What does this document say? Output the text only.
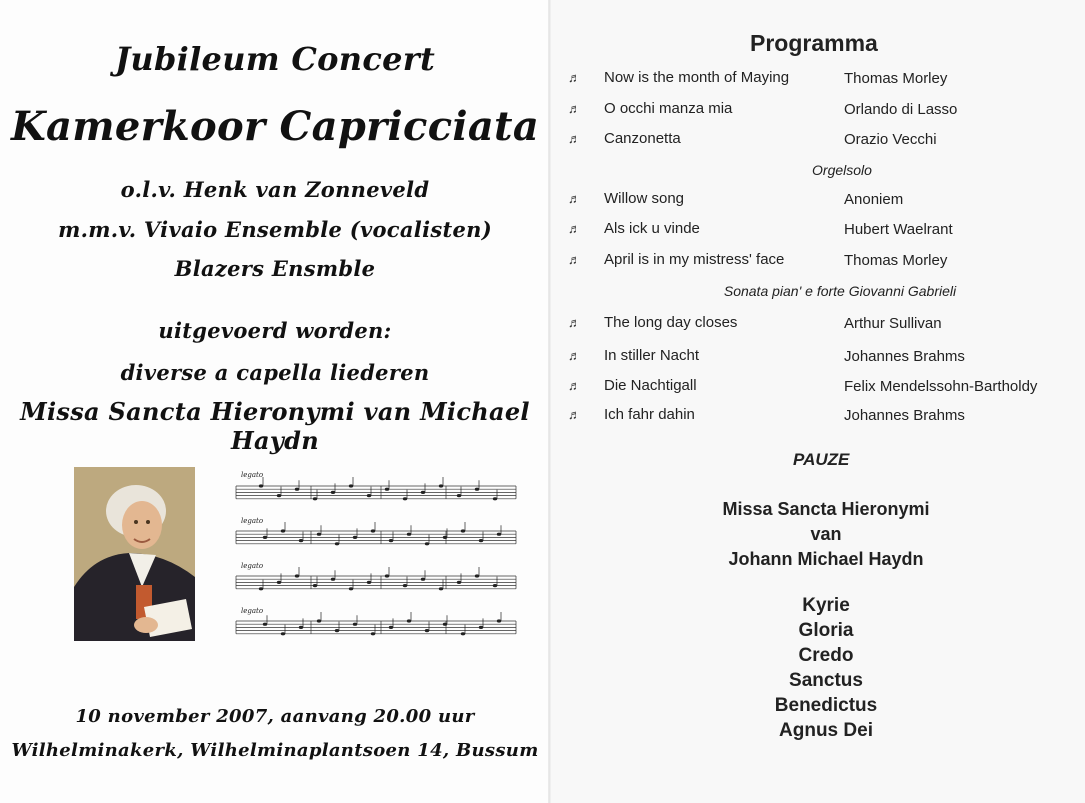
Jubileum Concert
Kamerkoor Capricciata
o.l.v. Henk van Zonneveld
m.m.v. Vivaio Ensemble (vocalisten)
Blazers Ensmble
uitgevoerd worden:
diverse a capella liederen
Missa Sancta Hieronymi van Michael Haydn
legato
legato
legato
legato
10 november 2007, aanvang 20.00 uur
Wilhelminakerk, Wilhelminaplantsoen 14, Bussum
Programma
♬ Now is the month of Maying	Thomas Morley
♬ O occhi manza mia	Orlando di Lasso
♬ Canzonetta	Orazio Vecchi
Orgelsolo
♬ Willow song	Anoniem
♬ Als ick u vinde	Hubert Waelrant
♬ April is in my mistress' face	Thomas Morley
Sonata pian' e forte Giovanni Gabrieli
♬ The long day closes	Arthur Sullivan
♬ In stiller Nacht	Johannes Brahms
♬ Die Nachtigall	Felix Mendelssohn-Bartholdy
♬ Ich fahr dahin	Johannes Brahms
PAUZE
Missa Sancta Hieronymi
van
Johann Michael Haydn
Kyrie
Gloria
Credo
Sanctus
Benedictus
Agnus Dei
